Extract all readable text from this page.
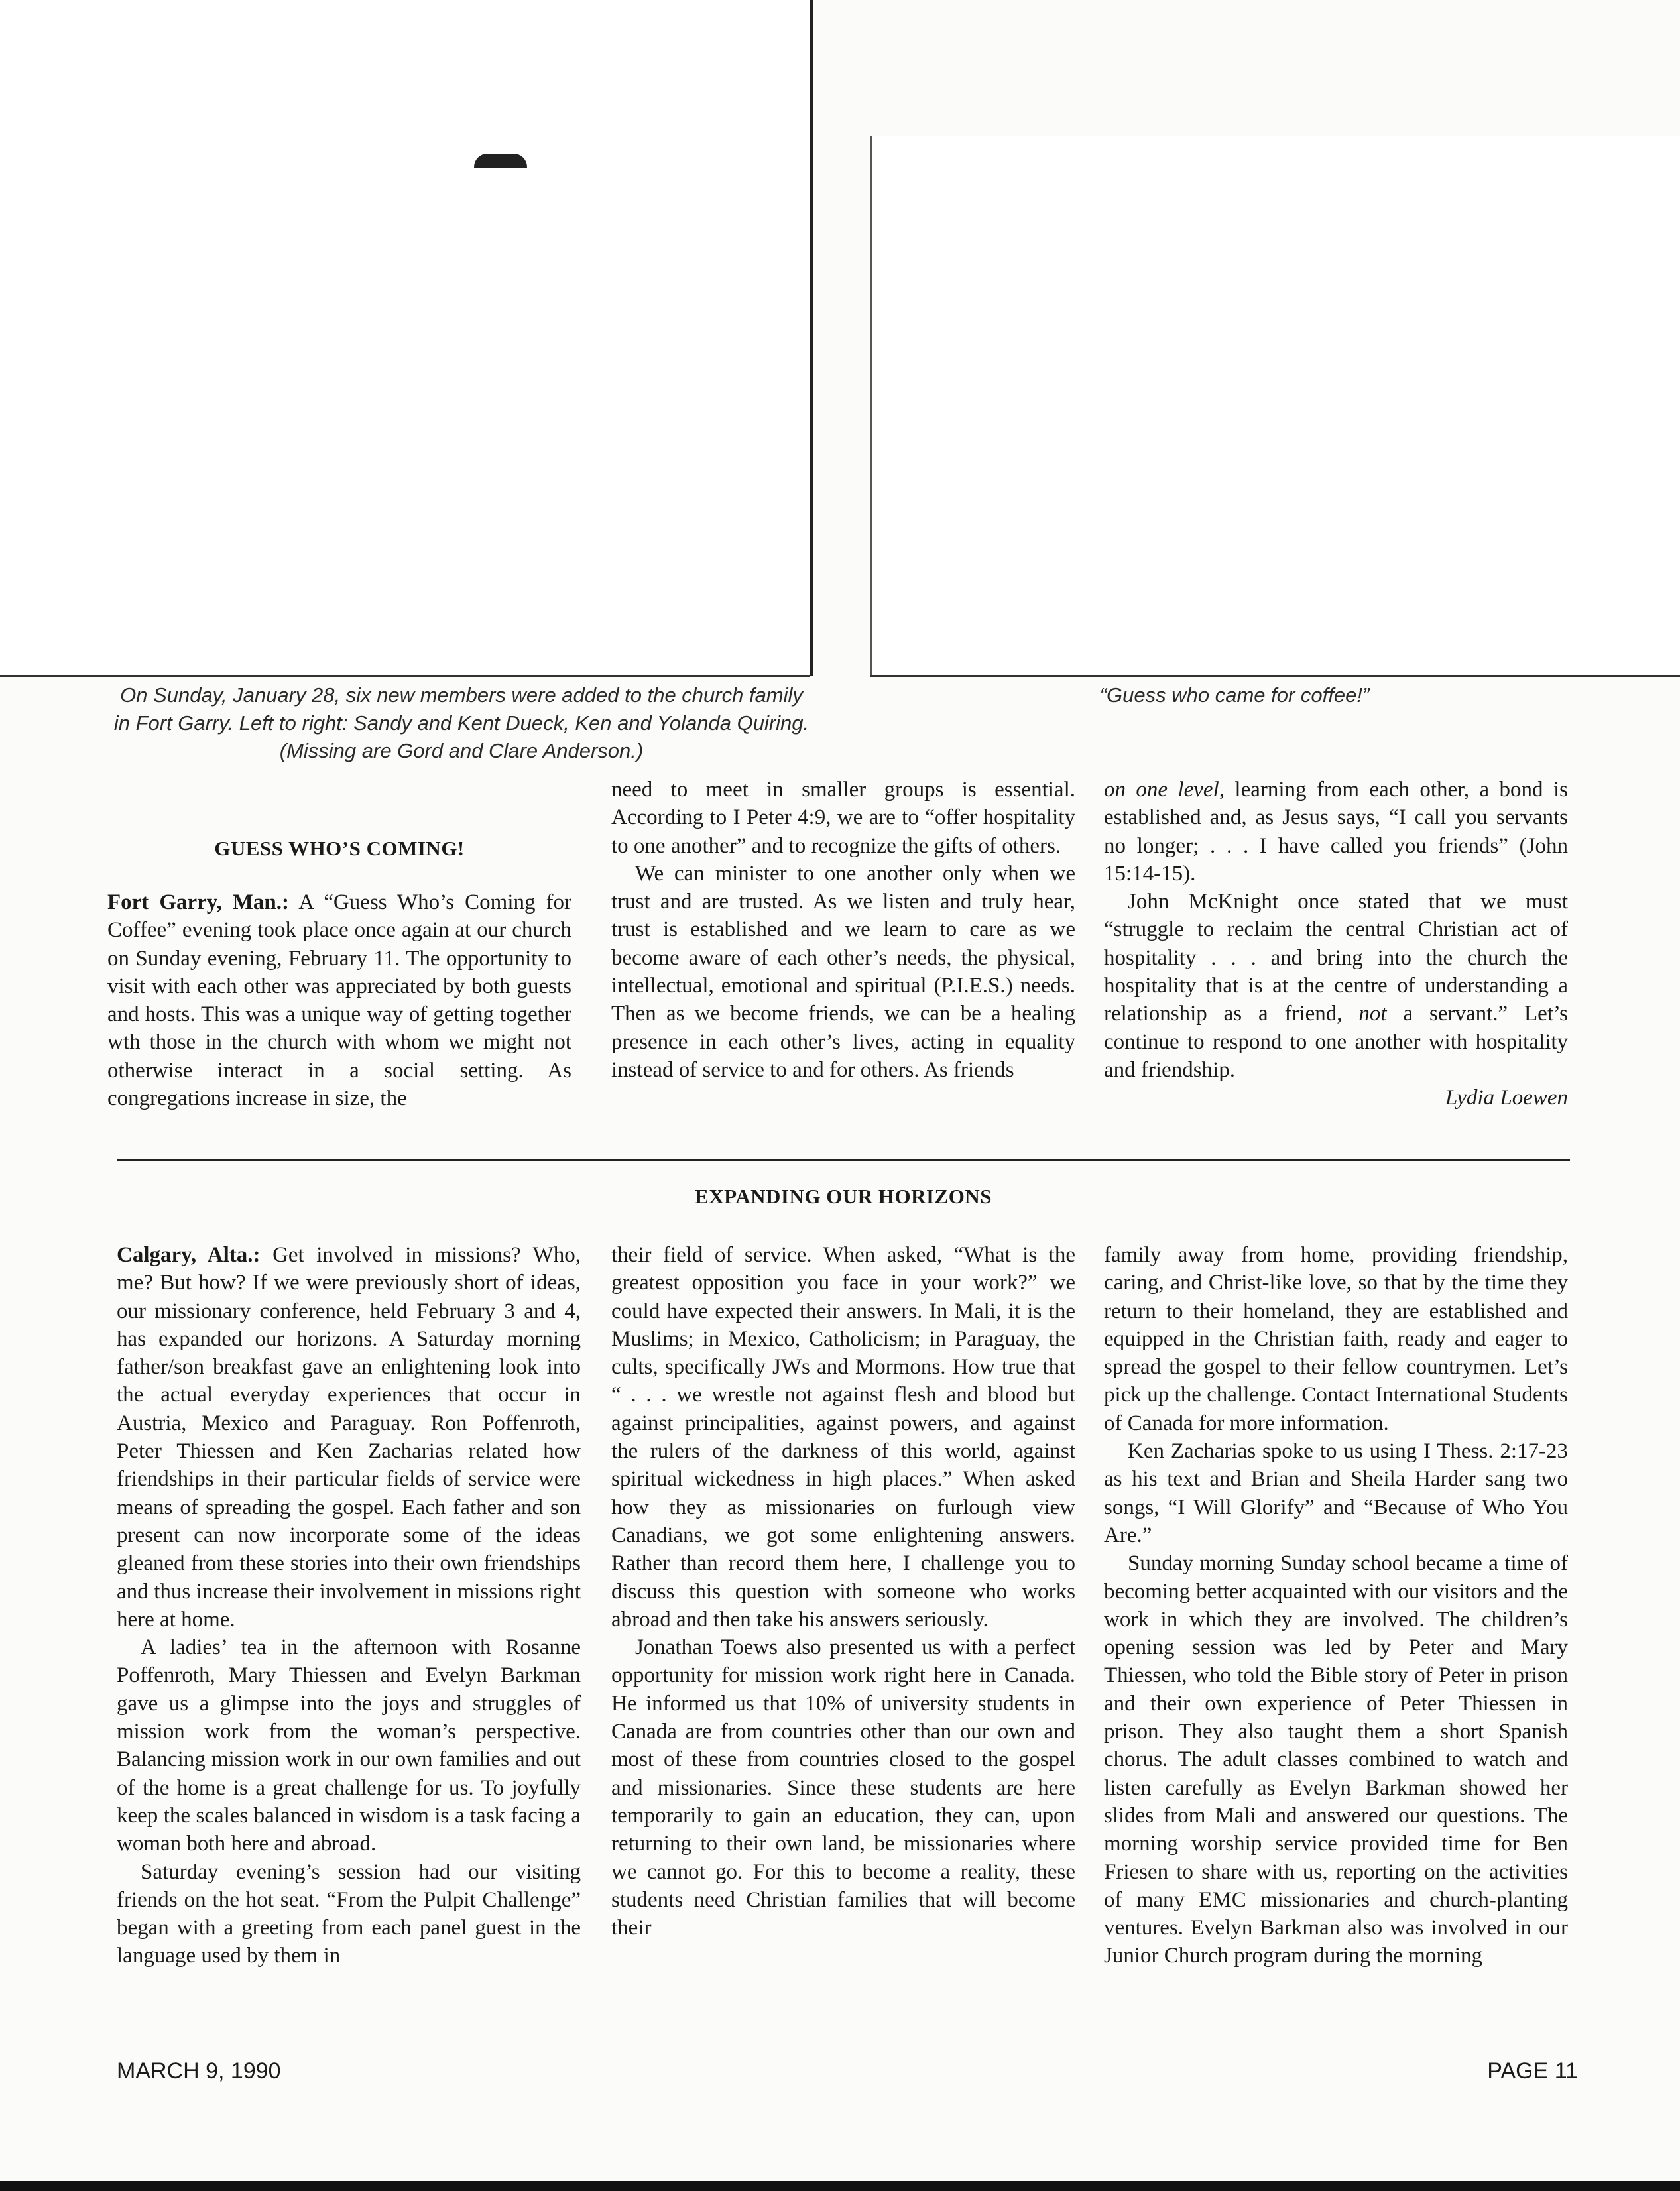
On Sunday, January 28, six new members were added to the church family in Fort Garry. Left to right: Sandy and Kent Dueck, Ken and Yolanda Quiring. (Missing are Gord and Clare Anderson.)
“Guess who came for coffee!”
GUESS WHO’S COMING!

Fort Garry, Man.: A “Guess Who’s Coming for Coffee” evening took place once again at our church on Sunday evening, February 11. The opportunity to visit with each other was appreciated by both guests and hosts. This was a unique way of getting together wth those in the church with whom we might not otherwise interact in a social setting. As congregations increase in size, the

need to meet in smaller groups is essential. According to I Peter 4:9, we are to “offer hospitality to one another” and to recognize the gifts of others.

We can minister to one another only when we trust and are trusted. As we listen and truly hear, trust is established and we learn to care as we become aware of each other’s needs, the physical, intellectual, emotional and spiritual (P.I.E.S.) needs. Then as we become friends, we can be a healing presence in each other’s lives, acting in equality instead of service to and for others. As friends

on one level, learning from each other, a bond is established and, as Jesus says, “I call you servants no longer; . . . I have called you friends” (John 15:14-15).

John McKnight once stated that we must “struggle to reclaim the central Christian act of hospitality . . . and bring into the church the hospitality that is at the centre of understanding a relationship as a friend, not a servant.” Let’s continue to respond to one another with hospitality and friendship.

Lydia Loewen
EXPANDING OUR HORIZONS

Calgary, Alta.: Get involved in missions? Who, me? But how? If we were previously short of ideas, our missionary conference, held February 3 and 4, has expanded our horizons. A Saturday morning father/son breakfast gave an enlightening look into the actual everyday experiences that occur in Austria, Mexico and Paraguay. Ron Poffenroth, Peter Thiessen and Ken Zacharias related how friendships in their particular fields of service were means of spreading the gospel. Each father and son present can now incorporate some of the ideas gleaned from these stories into their own friendships and thus increase their involvement in missions right here at home.

A ladies’ tea in the afternoon with Rosanne Poffenroth, Mary Thiessen and Evelyn Barkman gave us a glimpse into the joys and struggles of mission work from the woman’s perspective. Balancing mission work in our own families and out of the home is a great challenge for us. To joyfully keep the scales balanced in wisdom is a task facing a woman both here and abroad.

Saturday evening’s session had our visiting friends on the hot seat. “From the Pulpit Challenge” began with a greeting from each panel guest in the language used by them in

their field of service. When asked, “What is the greatest opposition you face in your work?” we could have expected their answers. In Mali, it is the Muslims; in Mexico, Catholicism; in Paraguay, the cults, specifically JWs and Mormons. How true that “ . . . we wrestle not against flesh and blood but against principalities, against powers, and against the rulers of the darkness of this world, against spiritual wickedness in high places.” When asked how they as missionaries on furlough view Canadians, we got some enlightening answers. Rather than record them here, I challenge you to discuss this question with someone who works abroad and then take his answers seriously.

Jonathan Toews also presented us with a perfect opportunity for mission work right here in Canada. He informed us that 10% of university students in Canada are from countries other than our own and most of these from countries closed to the gospel and missionaries. Since these students are here temporarily to gain an education, they can, upon returning to their own land, be missionaries where we cannot go. For this to become a reality, these students need Christian families that will become their

family away from home, providing friendship, caring, and Christ-like love, so that by the time they return to their homeland, they are established and equipped in the Christian faith, ready and eager to spread the gospel to their fellow countrymen. Let’s pick up the challenge. Contact International Students of Canada for more information.

Ken Zacharias spoke to us using I Thess. 2:17-23 as his text and Brian and Sheila Harder sang two songs, “I Will Glorify” and “Because of Who You Are.”

Sunday morning Sunday school became a time of becoming better acquainted with our visitors and the work in which they are involved. The children’s opening session was led by Peter and Mary Thiessen, who told the Bible story of Peter in prison and their own experience of Peter Thiessen in prison. They also taught them a short Spanish chorus. The adult classes combined to watch and listen carefully as Evelyn Barkman showed her slides from Mali and answered our questions. The morning worship service provided time for Ben Friesen to share with us, reporting on the activities of many EMC missionaries and church-planting ventures. Evelyn Barkman also was involved in our Junior Church program during the morning

MARCH 9, 1990	PAGE 11
